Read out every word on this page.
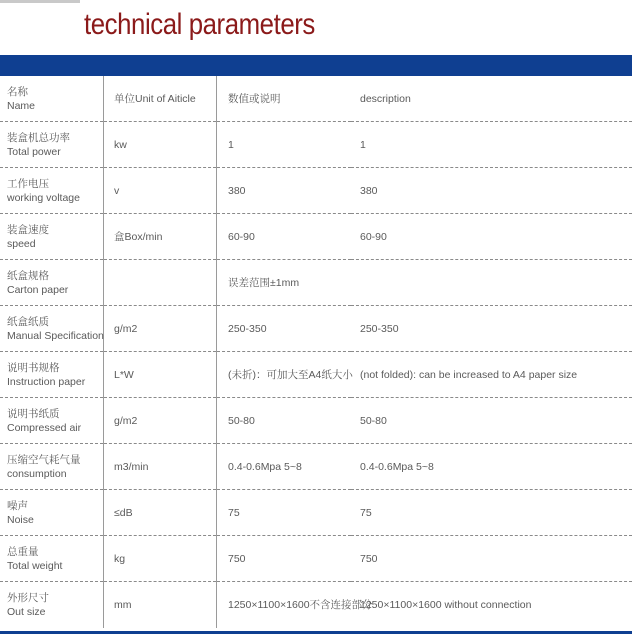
technical parameters
名称
Name	单位Unit of Aiticle	数值或说明	description

装盒机总功率
Total power	kw	1	1

工作电压
working voltage	v	380	380

装盒速度
speed	盒Box/min	60-90	60-90

纸盒规格
Carton paper		误差范围±1mm	

纸盒纸质
Manual Specification	g/m2	250-350	250-350

说明书规格
Instruction paper	L*W	(未折)：可加大至A4纸大小	(not folded): can be increased to A4 paper size

说明书纸质
Compressed air	g/m2	50-80	50-80

压缩空气耗气量
consumption	m3/min	0.4-0.6Mpa 5~8	0.4-0.6Mpa 5~8

噪声
Noise	≤dB	75	75

总重量
Total weight	kg	750	750

外形尺寸
Out size	mm	1250×1100×1600不含连接部分	1250×1100×1600 without connection
